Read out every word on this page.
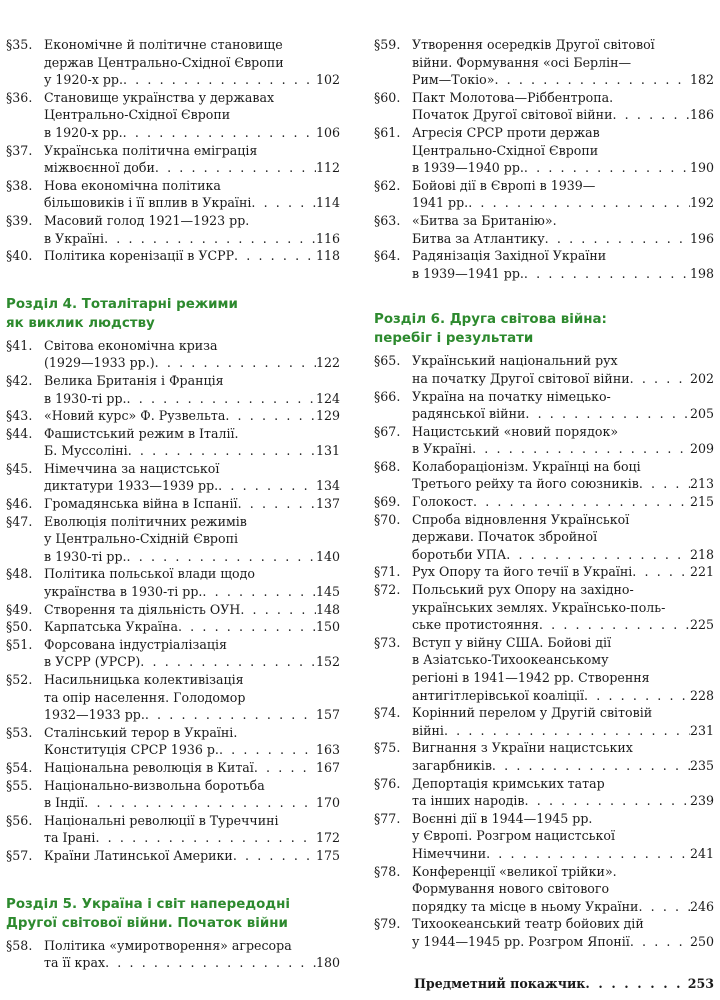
§35. Економічне й політичне становище
держав Центрально-Східної Європи
у 1920-х рр. . . .	102
§36. Становище українства у державах
Центрально-Східної Європи
в 1920-х рр. . . .	106
§37. Українська політична еміграція
міжвоєнної доби . . .	112
§38. Нова економічна політика
більшовиків і її вплив в Україні . . .	114
§39. Масовий голод 1921—1923 рр.
в Україні . . .	116
§40. Політика коренізації в УСРР . . .	118
Розділ 4. Тоталітарні режими
як виклик людству
§41. Світова економічна криза
(1929—1933 рр.) . . .	122
§42. Велика Британія і Франція
в 1930-ті рр. . . .	124
§43. «Новий курс» Ф. Рузвельта . . .	129
§44. Фашистський режим в Італії.
Б. Муссоліні . . .	131
§45. Німеччина за нацистської
диктатури 1933—1939 рр. . . .	134
§46. Громадянська війна в Іспанії . . .	137
§47. Еволюція політичних режимів
у Центрально-Східній Європі
в 1930-ті рр. . . .	140
§48. Політика польської влади щодо
українства в 1930-ті рр. . . .	145
§49. Створення та діяльність ОУН . . .	148
§50. Карпатська Україна . . .	150
§51. Форсована індустріалізація
в УСРР (УРСР) . . .	152
§52. Насильницька колективізація
та опір населення. Голодомор
1932—1933 рр. . . .	157
§53. Сталінський терор в Україні.
Конституція СРСР 1936 р. . . .	163
§54. Національна революція в Китаї . . .	167
§55. Національно-визвольна боротьба
в Індії . . .	170
§56. Національні революції в Туреччині
та Ірані . . .	172
§57. Країни Латинської Америки . . .	175
Розділ 5. Україна і світ напередодні
Другої світової війни. Початок війни
§58. Політика «умиротворення» агресора
та її крах . . .	180
§59. Утворення осередків Другої світової
війни. Формування «осі Берлін—
Рим—Токіо» . . .	182
§60. Пакт Молотова—Ріббентропа.
Початок Другої світової війни . . .	186
§61. Агресія СРСР проти держав
Центрально-Східної Європи
в 1939—1940 рр. . . .	190
§62. Бойові дії в Європі в 1939—
1941 рр. . . .	192
§63. «Битва за Британію».
Битва за Атлантику . . .	196
§64. Радянізація Західної України
в 1939—1941 рр. . . .	198
Розділ 6. Друга світова війна:
перебіг і результати
§65. Український національний рух
на початку Другої світової війни . . .	202
§66. Україна на початку німецько-
радянської війни . . .	205
§67. Нацистський «новий порядок»
в Україні . . .	209
§68. Колабораціонізм. Українці на боці
Третього рейху та його союзників . . .	213
§69. Голокост . . .	215
§70. Спроба відновлення Української
держави. Початок збройної
боротьби УПА . . .	218
§71. Рух Опору та його течії в Україні . . .	221
§72. Польський рух Опору на західно-
українських землях. Українсько-поль-
ське протистояння . . .	225
§73. Вступ у війну США. Бойові дії
в Азіатсько-Тихоокеанському
регіоні в 1941—1942 рр. Створення
антигітлерівської коаліції . . .	228
§74. Корінний перелом у Другій світовій
війні . . .	231
§75. Вигнання з України нацистських
загарбників . . .	235
§76. Депортація кримських татар
та інших народів . . .	239
§77. Воєнні дії в 1944—1945 рр.
у Європі. Розгром нацистської
Німеччини . . .	241
§78. Конференції «великої трійки».
Формування нового світового
порядку та місце в ньому України . . .	246
§79. Тихоокеанський театр бойових дій
у 1944—1945 рр. Розгром Японії . . .	250
Предметний покажчик . . .	253
